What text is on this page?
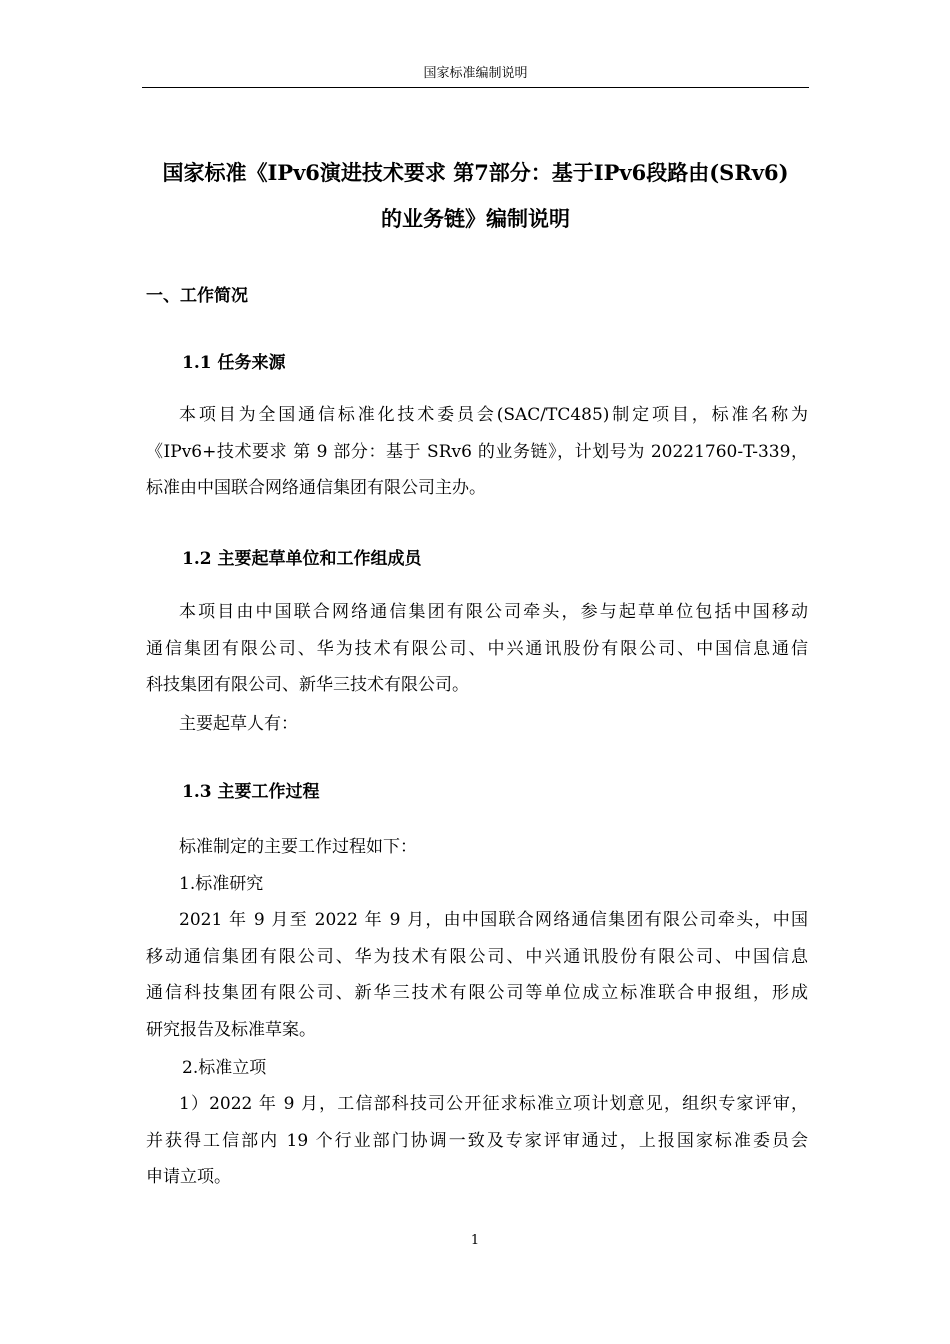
国家标准编制说明
国家标准《IPv6演进技术要求 第7部分：基于IPv6段路由(SRv6)
的业务链》编制说明
一、工作简况
1.1 任务来源
本项目为全国通信标准化技术委员会(SAC/TC485)制定项目，标准名称为
《IPv6+技术要求 第 9 部分：基于 SRv6 的业务链》，计划号为 20221760-T-339，
标准由中国联合网络通信集团有限公司主办。
1.2 主要起草单位和工作组成员
本项目由中国联合网络通信集团有限公司牵头，参与起草单位包括中国移动
通信集团有限公司、华为技术有限公司、中兴通讯股份有限公司、中国信息通信
科技集团有限公司、新华三技术有限公司。
主要起草人有：
1.3 主要工作过程
标准制定的主要工作过程如下：
1.标准研究
2021 年 9 月至 2022 年 9 月，由中国联合网络通信集团有限公司牵头，中国
移动通信集团有限公司、华为技术有限公司、中兴通讯股份有限公司、中国信息
通信科技集团有限公司、新华三技术有限公司等单位成立标准联合申报组，形成
研究报告及标准草案。
2.标准立项
1）2022 年 9 月，工信部科技司公开征求标准立项计划意见，组织专家评审，
并获得工信部内 19 个行业部门协调一致及专家评审通过，上报国家标准委员会
申请立项。
1
